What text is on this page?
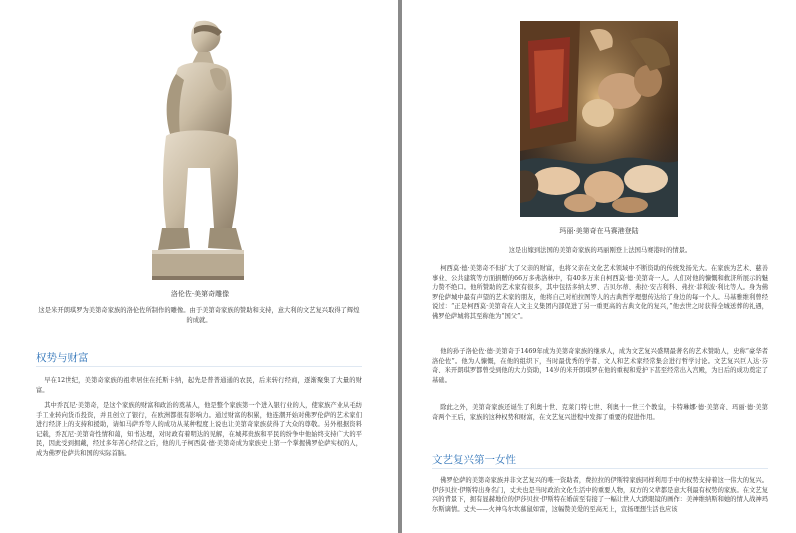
洛伦佐·美第奇雕像

这是米开朗琪罗为美第奇家族的洛伦佐所制作的雕像。由于美第奇家族的赞助和支持，意大利的文艺复兴取得了辉煌的成就。

权势与财富

早在12世纪，美第奇家族的祖辈居住在托斯卡纳，起先是普普通通的农民，后来转行经商，逐渐聚集了大量的财富。

其中乔瓦尼·美第奇，是这个家族的财富和政治的奠基人，他是整个家族第一个进入银行业的人，使家族产业从毛纺手工业转向货币投资，并且创立了银行，在欧洲都很有影响力。通过财富的积累，他连潮开始对佛罗伦萨的艺术家们进行经济上的支持和援助，请如马萨乔等人的成功从某种程度上说也让美第奇家族获得了大众的尊敬。另外根据资料记载，乔瓦尼·美第奇性情和蔼，知书达理，对时政有着明达的见解，在城邦贵族和平民的纷争中他始终支持广大的平民，因此受到拥戴，经过多年苦心经营之后，他的儿子柯西莫·德·美第奇成为家族史上第一个掌握佛罗伦萨实权的人，成为佛罗伦萨共和国的实际首脑。

玛丽·美第奇在马赛港登陆

这是出嫁到法国的美第奇家族的玛丽刚登上法国马赛港时的情景。

柯西莫·德·美第奇不但扩大了父亲的财富，也将父亲在文化艺术领域中不断资助的传统发扬光大。在家族为艺术、慈善事业、公共建筑等方面捐赠的66万多弗洛林中，有40多万来自柯西莫·德·美第奇一人。人们对他的慷慨和救济所展示的魅力赞不绝口。他所赞助的艺术家有很多，其中包括多纳太罗、吉贝尔蒂、弗拉·安吉利科、弗拉·菲利波·利比等人。身为佛罗伦萨城中最有声望的艺术家的朋友，他将自己对柏拉图等人的古典哲学理想传达给了身边的每一个人。马基雅维利曾经说过：“正是柯西莫·美第奇在人文主义集团内部促进了另一重更高的古典文化的复兴，”他去世之时获得全城送葬的礼遇，佛罗伦萨城将其至称他为“国父”。

他的孙子洛伦佐·德·美第奇于1469年成为美第奇家族的继承人，成为文艺复兴盛期最著名的艺术赞助人，史称“豪华者洛伦佐”。他为人慷慨，在他的组织下，当时最优秀的学者、文人和艺术家经常集会进行哲学讨论。文艺复兴巨人达·芬奇、米开朗琪罗都曾受到他的大力资助，14岁的米开朗琪罗在他的重视和爱护下甚至经常出入宫殿，为日后的成功奠定了基础。

除此之外，美第奇家族还诞生了利奥十世、克莱门特七世、利奥十一世三个教皇，卡特琳娜·德·美第奇、玛丽·德·美第奇两个王后，家族的这种权势和财富，在文艺复兴进程中发挥了重要的促进作用。

文艺复兴第一女性

佛罗伦萨的美第奇家族并非文艺复兴的唯一资助者，费拉拉的伊斯特家族同样利用手中的权势支持着这一伟大的复兴。伊莎贝拉·伊斯特出身名门，丈夫也是当时政治文化生活中的重要人物，双方的父辈都是意大利最有权势的家族。在文艺复兴的背景下，拥有显赫地位的伊莎贝拉·伊斯特在婚前至有接了一幅让世人大跌眼镜的画作：美神维纳斯和她的情人战神玛尔斯谪情。丈夫——火神乌尔坎慕鼠如雷，这幅赞美爱的至高无上，宣扬理想生活也应该
